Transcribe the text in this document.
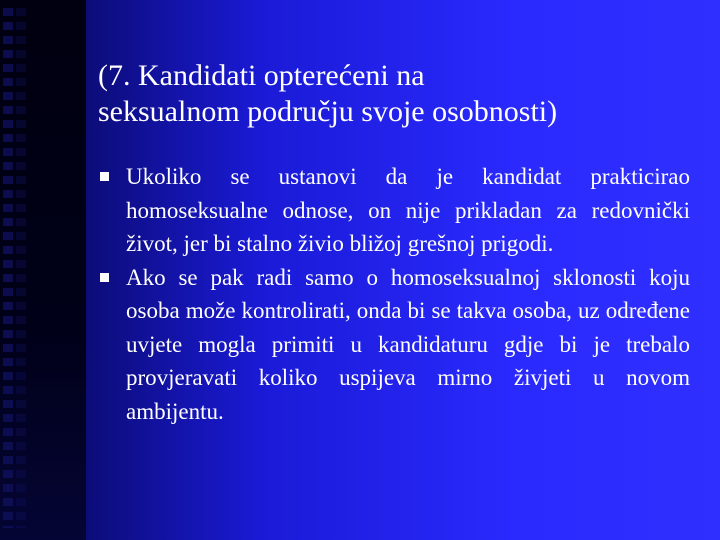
(7. Kandidati opterećeni na
seksualnom području svoje osobnosti)
Ukoliko se ustanovi da je kandidat prakticirao homoseksualne odnose, on nije prikladan za redovnički život, jer bi stalno živio bližoj grešnoj prigodi.
Ako se pak radi samo o homoseksualnoj sklonosti koju osoba može kontrolirati, onda bi se takva osoba, uz određene uvjete mogla primiti u kandidaturu gdje bi je trebalo provjeravati koliko uspijeva mirno živjeti u novom ambijentu.
